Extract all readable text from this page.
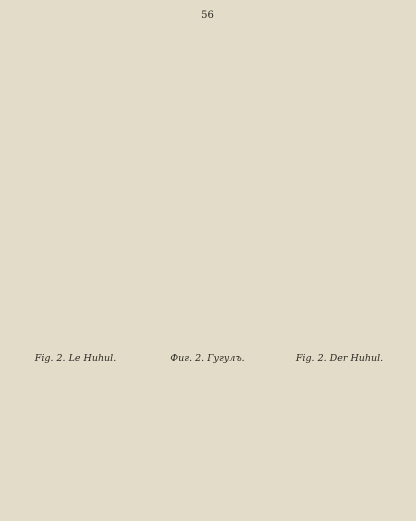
56
Fig. 2. Le Huhul.	Фиг. 2. Гугулъ.	Fig. 2. Der Huhul.
